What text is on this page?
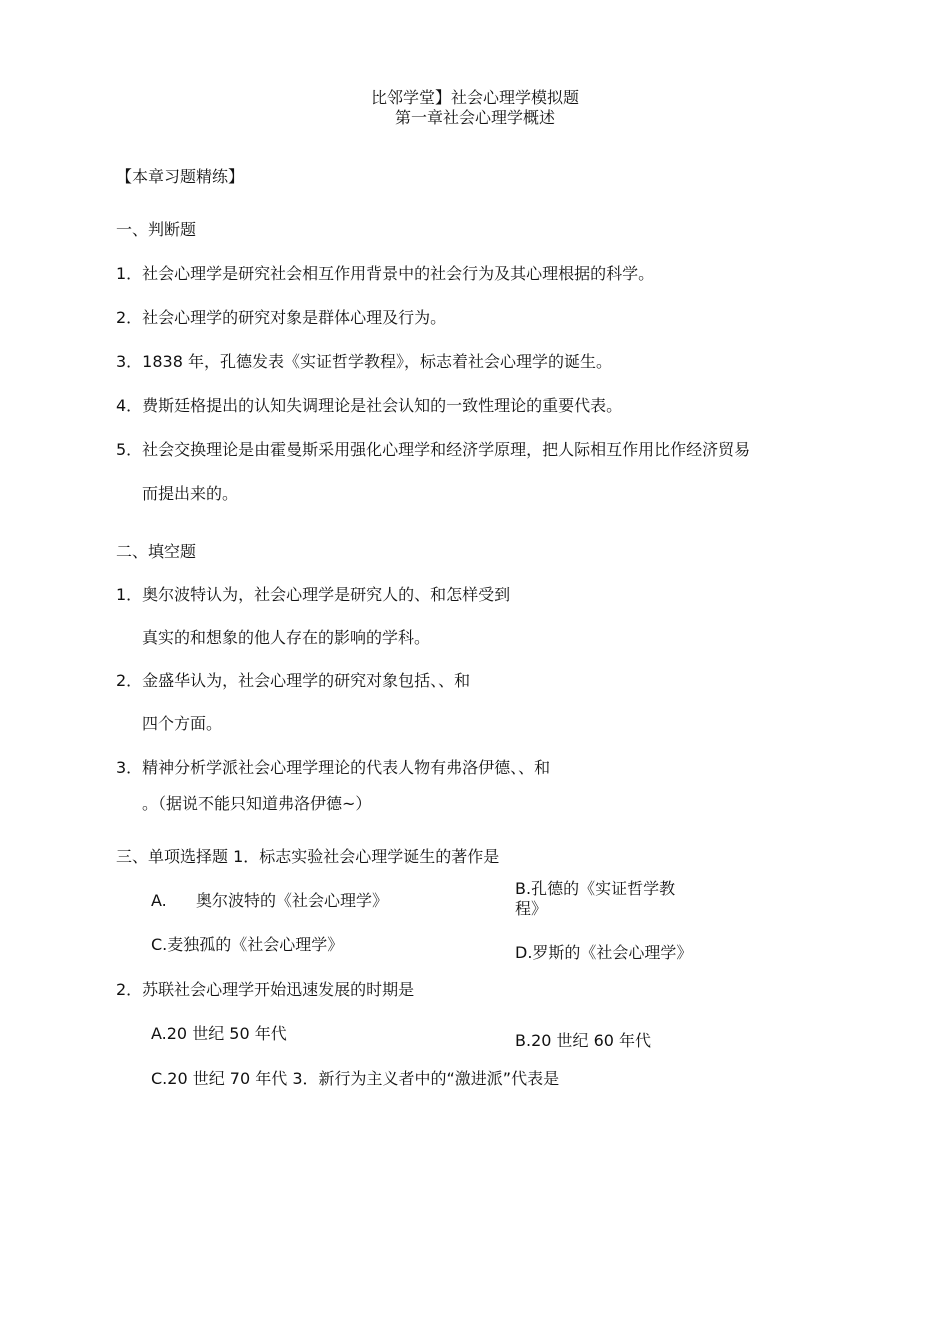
比邻学堂】社会心理学模拟题
第一章社会心理学概述
【本章习题精练】
一、判断题
1．社会心理学是研究社会相互作用背景中的社会行为及其心理根据的科学。
2．社会心理学的研究对象是群体心理及行为。
3．1838 年，孔德发表《实证哲学教程》，标志着社会心理学的诞生。
4．费斯廷格提出的认知失调理论是社会认知的一致性理论的重要代表。
5．社会交换理论是由霍曼斯采用强化心理学和经济学原理，把人际相互作用比作经济贸易
而提出来的。
二、填空题
1．奥尔波特认为，社会心理学是研究人的、和怎样受到
真实的和想象的他人存在的影响的学科。
2．金盛华认为，社会心理学的研究对象包括、、和
四个方面。
3．精神分析学派社会心理学理论的代表人物有弗洛伊德、、和
。（据说不能只知道弗洛伊德~）
三、单项选择题 1．标志实验社会心理学诞生的著作是
A. 奥尔波特的《社会心理学》
B.孔德的《实证哲学教
程》
C.麦独孤的《社会心理学》	D.罗斯的《社会心理学》
2．苏联社会心理学开始迅速发展的时期是
A.20 世纪 50 年代	B.20 世纪 60 年代
C.20 世纪 70 年代 3．新行为主义者中的“激进派”代表是
